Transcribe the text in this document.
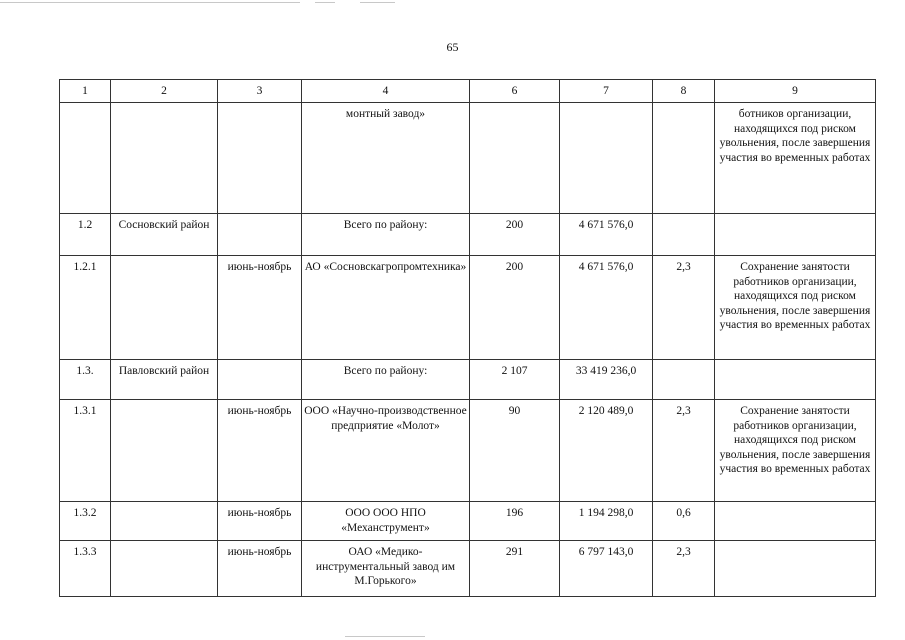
65
1	2	3	4	6	7	8	9
			монтный завод»				ботников организации, находящихся под риском увольнения, после завершения участия во временных работах
1.2	Сосновский район		Всего по району:	200	4 671 576,0		
1.2.1		июнь-ноябрь	АО «Сосновскагропромтехника»	200	4 671 576,0	2,3	Сохранение занятости работников организации, находящихся под риском увольнения, после завершения участия во временных работах
1.3.	Павловский район		Всего по району:	2 107	33 419 236,0		
1.3.1		июнь-ноябрь	ООО «Научно-производственное предприятие «Молот»	90	2 120 489,0	2,3	Сохранение занятости работников организации, находящихся под риском увольнения, после завершения участия во временных работах
1.3.2		июнь-ноябрь	ООО ООО НПО «Механструмент»	196	1 194 298,0	0,6	
1.3.3		июнь-ноябрь	ОАО «Медико-инструментальный завод им М.Горького»	291	6 797 143,0	2,3	
